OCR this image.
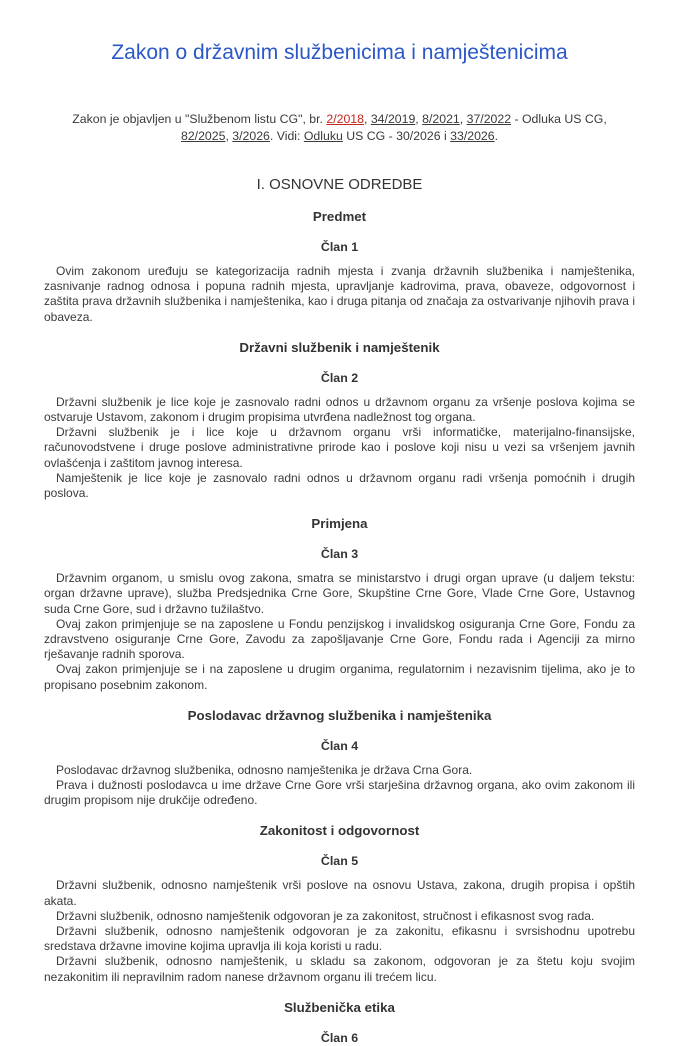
Zakon o državnim službenicima i namještenicima

Zakon je objavljen u "Službenom listu CG", br. 2/2018, 34/2019, 8/2021, 37/2022 - Odluka US CG, 82/2025, 3/2026. Vidi: Odluku US CG - 30/2026 i 33/2026.

I. OSNOVNE ODREDBE
Predmet
Član 1

Ovim zakonom uređuju se kategorizacija radnih mjesta i zvanja državnih službenika i namještenika, zasnivanje radnog odnosa i popuna radnih mjesta, upravljanje kadrovima, prava, obaveze, odgovornost i zaštita prava državnih službenika i namještenika, kao i druga pitanja od značaja za ostvarivanje njihovih prava i obaveza.

Državni službenik i namještenik
Član 2

Državni službenik je lice koje je zasnovalo radni odnos u državnom organu za vršenje poslova kojima se ostvaruje Ustavom, zakonom i drugim propisima utvrđena nadležnost tog organa.

Državni službenik je i lice koje u državnom organu vrši informatičke, materijalno-finansijske, računovodstvene i druge poslove administrativne prirode kao i poslove koji nisu u vezi sa vršenjem javnih ovlašćenja i zaštitom javnog interesa.

Namještenik je lice koje je zasnovalo radni odnos u državnom organu radi vršenja pomoćnih i drugih poslova.

Primjena
Član 3

Državnim organom, u smislu ovog zakona, smatra se ministarstvo i drugi organ uprave (u daljem tekstu: organ državne uprave), služba Predsjednika Crne Gore, Skupštine Crne Gore, Vlade Crne Gore, Ustavnog suda Crne Gore, sud i državno tužilaštvo.

Ovaj zakon primjenjuje se na zaposlene u Fondu penzijskog i invalidskog osiguranja Crne Gore, Fondu za zdravstveno osiguranje Crne Gore, Zavodu za zapošljavanje Crne Gore, Fondu rada i Agenciji za mirno rješavanje radnih sporova.

Ovaj zakon primjenjuje se i na zaposlene u drugim organima, regulatornim i nezavisnim tijelima, ako je to propisano posebnim zakonom.

Poslodavac državnog službenika i namještenika
Član 4

Poslodavac državnog službenika, odnosno namještenika je država Crna Gora.

Prava i dužnosti poslodavca u ime države Crne Gore vrši starješina državnog organa, ako ovim zakonom ili drugim propisom nije drukčije određeno.

Zakonitost i odgovornost
Član 5

Državni službenik, odnosno namještenik vrši poslove na osnovu Ustava, zakona, drugih propisa i opštih akata.

Državni službenik, odnosno namještenik odgovoran je za zakonitost, stručnost i efikasnost svog rada.

Državni službenik, odnosno namještenik odgovoran je za zakonitu, efikasnu i svrsishodnu upotrebu sredstava državne imovine kojima upravlja ili koja koristi u radu.

Državni službenik, odnosno namještenik, u skladu sa zakonom, odgovoran je za štetu koju svojim nezakonitim ili nepravilnim radom nanese državnom organu ili trećem licu.

Službenička etika
Član 6
